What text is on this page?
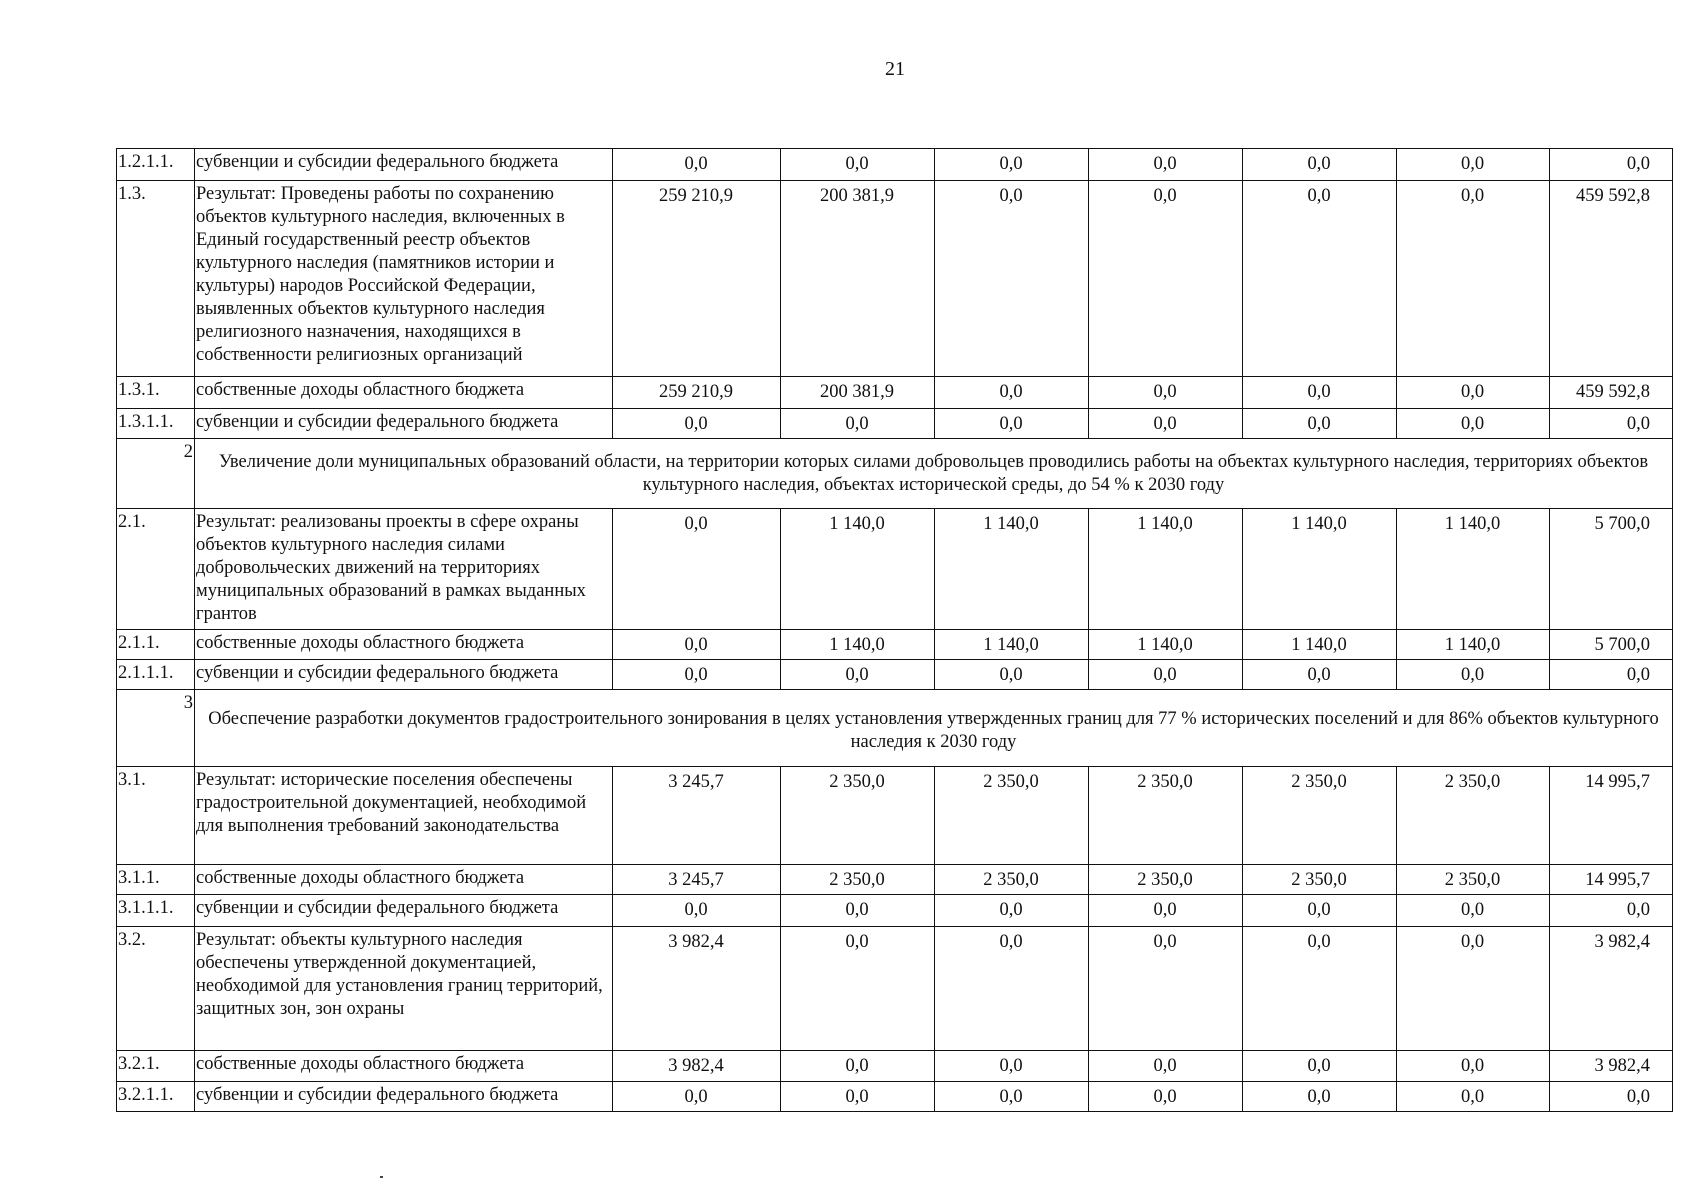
21
1.2.1.1.	субвенции и субсидии федерального бюджета	0,0	0,0	0,0	0,0	0,0	0,0	0,0
1.3.	Результат: Проведены работы по сохранению объектов культурного наследия, включенных в Единый государственный реестр объектов культурного наследия (памятников истории и культуры) народов Российской Федерации, выявленных объектов культурного наследия религиозного назначения, находящихся в собственности религиозных организаций	259 210,9	200 381,9	0,0	0,0	0,0	0,0	459 592,8
1.3.1.	собственные доходы областного бюджета	259 210,9	200 381,9	0,0	0,0	0,0	0,0	459 592,8
1.3.1.1.	субвенции и субсидии федерального бюджета	0,0	0,0	0,0	0,0	0,0	0,0	0,0
2	Увеличение доли муниципальных образований области, на территории которых силами добровольцев проводились работы на объектах культурного наследия, территориях объектов культурного наследия, объектах исторической среды, до 54 % к 2030 году							
2.1.	Результат: реализованы проекты в сфере охраны объектов культурного наследия силами добровольческих движений на территориях муниципальных образований в рамках выданных грантов	0,0	1 140,0	1 140,0	1 140,0	1 140,0	1 140,0	5 700,0
2.1.1.	собственные доходы областного бюджета	0,0	1 140,0	1 140,0	1 140,0	1 140,0	1 140,0	5 700,0
2.1.1.1.	субвенции и субсидии федерального бюджета	0,0	0,0	0,0	0,0	0,0	0,0	0,0
3	Обеспечение разработки документов градостроительного зонирования в целях установления утвержденных границ для 77 % исторических поселений и для 86% объектов культурного наследия к 2030 году							
3.1.	Результат: исторические поселения обеспечены градостроительной документацией, необходимой для выполнения требований законодательства	3 245,7	2 350,0	2 350,0	2 350,0	2 350,0	2 350,0	14 995,7
3.1.1.	собственные доходы областного бюджета	3 245,7	2 350,0	2 350,0	2 350,0	2 350,0	2 350,0	14 995,7
3.1.1.1.	субвенции и субсидии федерального бюджета	0,0	0,0	0,0	0,0	0,0	0,0	0,0
3.2.	Результат: объекты культурного наследия обеспечены утвержденной документацией, необходимой для установления границ территорий, защитных зон, зон охраны	3 982,4	0,0	0,0	0,0	0,0	0,0	3 982,4
3.2.1.	собственные доходы областного бюджета	3 982,4	0,0	0,0	0,0	0,0	0,0	3 982,4
3.2.1.1.	субвенции и субсидии федерального бюджета	0,0	0,0	0,0	0,0	0,0	0,0	0,0
